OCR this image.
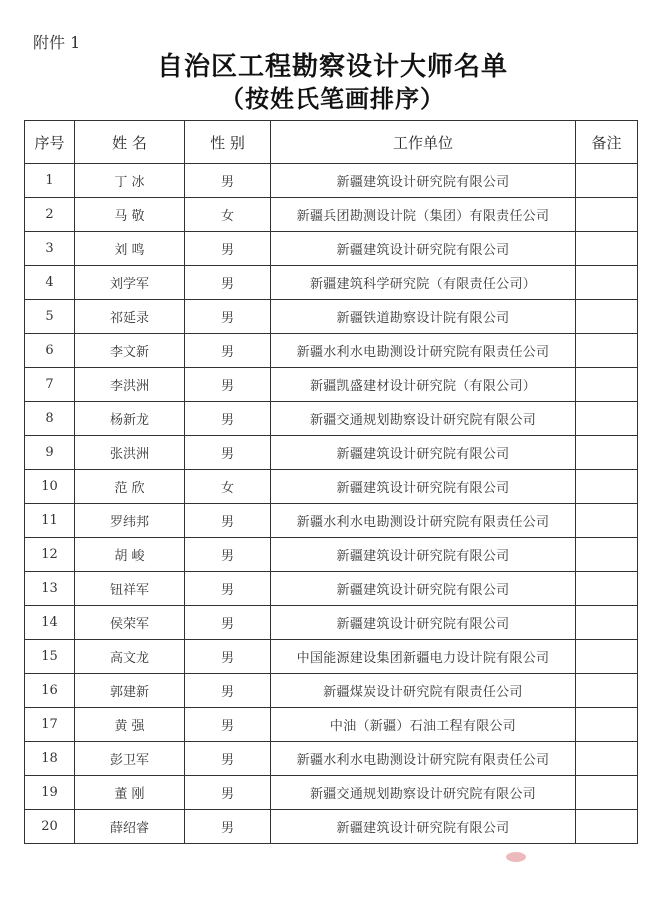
附件 1
自治区工程勘察设计大师名单
（按姓氏笔画排序）
序号	姓 名	性 别	工作单位	备注
1	丁 冰	男	新疆建筑设计研究院有限公司	
2	马 敬	女	新疆兵团勘测设计院（集团）有限责任公司	
3	刘 鸣	男	新疆建筑设计研究院有限公司	
4	刘学军	男	新疆建筑科学研究院（有限责任公司）	
5	祁延录	男	新疆铁道勘察设计院有限公司	
6	李文新	男	新疆水利水电勘测设计研究院有限责任公司	
7	李洪洲	男	新疆凯盛建材设计研究院（有限公司）	
8	杨新龙	男	新疆交通规划勘察设计研究院有限公司	
9	张洪洲	男	新疆建筑设计研究院有限公司	
10	范 欣	女	新疆建筑设计研究院有限公司	
11	罗纬邦	男	新疆水利水电勘测设计研究院有限责任公司	
12	胡 峻	男	新疆建筑设计研究院有限公司	
13	钮祥军	男	新疆建筑设计研究院有限公司	
14	侯荣军	男	新疆建筑设计研究院有限公司	
15	高文龙	男	中国能源建设集团新疆电力设计院有限公司	
16	郭建新	男	新疆煤炭设计研究院有限责任公司	
17	黄 强	男	中油（新疆）石油工程有限公司	
18	彭卫军	男	新疆水利水电勘测设计研究院有限责任公司	
19	董 刚	男	新疆交通规划勘察设计研究院有限公司	
20	薛绍睿	男	新疆建筑设计研究院有限公司	
